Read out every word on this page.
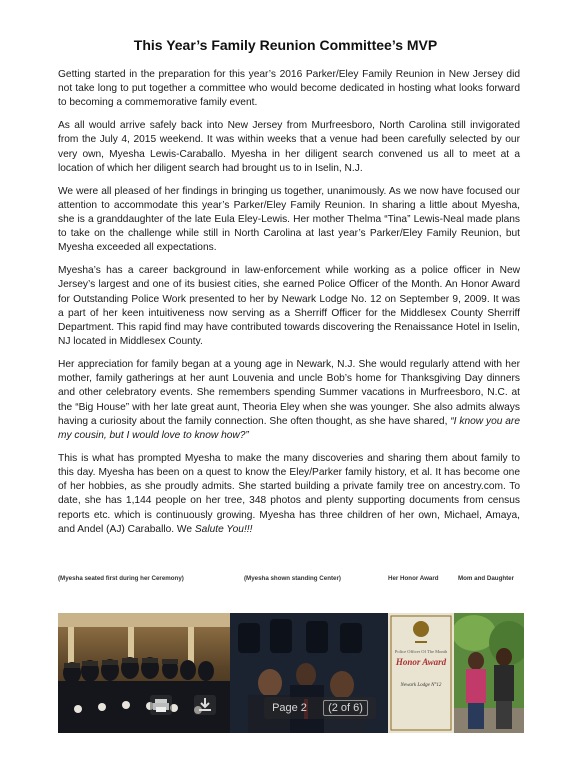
This Year’s Family Reunion Committee’s MVP

Getting started in the preparation for this year’s 2016 Parker/Eley Family Reunion in New Jersey did not take long to put together a committee who would become dedicated in hosting what looks forward to becoming a commemorative family event.

As all would arrive safely back into New Jersey from Murfreesboro, North Carolina still invigorated from the July 4, 2015 weekend. It was within weeks that a venue had been carefully selected by our very own, Myesha Lewis-Caraballo. Myesha in her diligent search convened us all to meet at a location of which her diligent search had brought us to in Iselin, N.J.

We were all pleased of her findings in bringing us together, unanimously. As we now have focused our attention to accommodate this year’s Parker/Eley Family Reunion. In sharing a little about Myesha, she is a granddaughter of the late Eula Eley-Lewis. Her mother Thelma “Tina” Lewis-Neal made plans to take on the challenge while still in North Carolina at last year’s Parker/Eley Family Reunion, but Myesha exceeded all expectations.

Myesha’s has a career background in law-enforcement while working as a police officer in New Jersey’s largest and one of its busiest cities, she earned Police Officer of the Month. An Honor Award for Outstanding Police Work presented to her by Newark Lodge No. 12 on September 9, 2009. It was a part of her keen intuitiveness now serving as a Sherriff Officer for the Middlesex County Sherriff Department. This rapid find may have contributed towards discovering the Renaissance Hotel in Iselin, NJ located in Middlesex County.

Her appreciation for family began at a young age in Newark, N.J. She would regularly attend with her mother, family gatherings at her aunt Louvenia and uncle Bob’s home for Thanksgiving Day dinners and other celebratory events. She remembers spending Summer vacations in Murfreesboro, N.C. at the “Big House” with her late great aunt, Theoria Eley when she was younger. She also admits always having a curiosity about the family connection. She often thought, as she have shared, “I know you are my cousin, but I would love to know how?”

This is what has prompted Myesha to make the many discoveries and sharing them about family to this day. Myesha has been on a quest to know the Eley/Parker family history, et al. It has become one of her hobbies, as she proudly admits. She started building a private family tree on ancestry.com. To date, she has 1,144 people on her tree, 348 photos and plenty supporting documents from census reports etc. which is continuously growing. Myesha has three children of her own, Michael, Amaya, and Andel (AJ) Caraballo. We Salute You!!!

(Myesha seated first during her Ceremony)	(Myesha shown standing Center)	Her Honor Award	Mom and Daughter
Police Officer Of The Month
Honor Award
Newark Lodge N°12
Page 2	(2 of 6)
